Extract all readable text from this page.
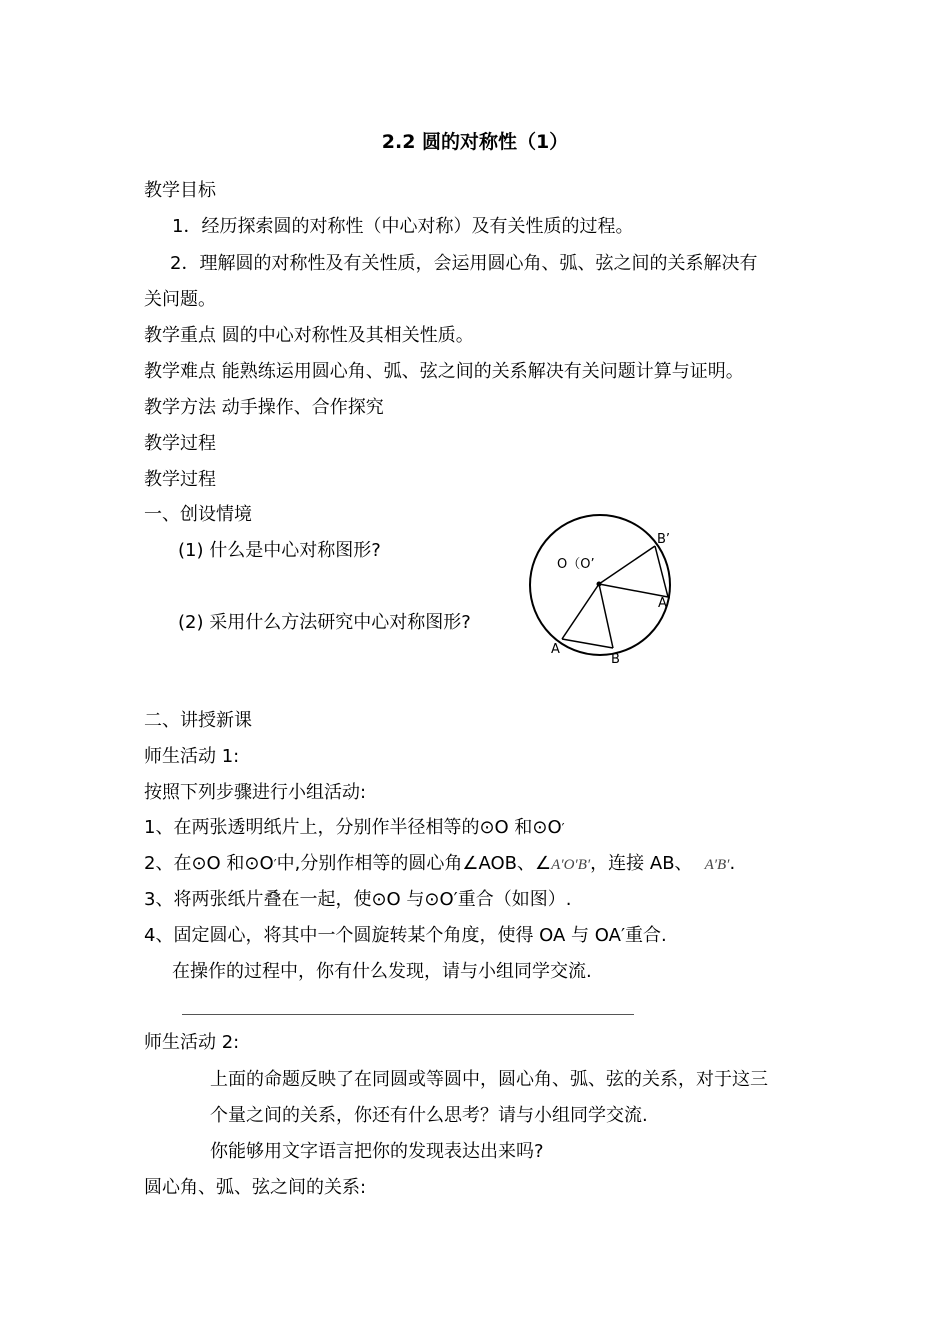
2.2 圆的对称性（1）
教学目标
1．经历探索圆的对称性（中心对称）及有关性质的过程。
2．理解圆的对称性及有关性质，会运用圆心角、弧、弦之间的关系解决有
关问题。
教学重点 圆的中心对称性及其相关性质。
教学难点 能熟练运用圆心角、弧、弦之间的关系解决有关问题计算与证明。
教学方法 动手操作、合作探究
教学过程
教学过程
一、创设情境
(1) 什么是中心对称图形?
(2) 采用什么方法研究中心对称图形?
O（O’
B’
A’
A
B
二、讲授新课
师生活动 1:
按照下列步骤进行小组活动:
1、在两张透明纸片上，分别作半径相等的⊙O 和⊙O′
2、在⊙O 和⊙O′中,分别作相等的圆心角∠AOB、∠A′O′B′，连接 AB、 A′B′.
3、将两张纸片叠在一起，使⊙O 与⊙O′重合（如图）.
4、固定圆心，将其中一个圆旋转某个角度，使得 OA 与 OA′重合.
在操作的过程中，你有什么发现，请与小组同学交流.
师生活动 2:
上面的命题反映了在同圆或等圆中，圆心角、弧、弦的关系，对于这三
个量之间的关系，你还有什么思考？请与小组同学交流.
你能够用文字语言把你的发现表达出来吗?
圆心角、弧、弦之间的关系:
